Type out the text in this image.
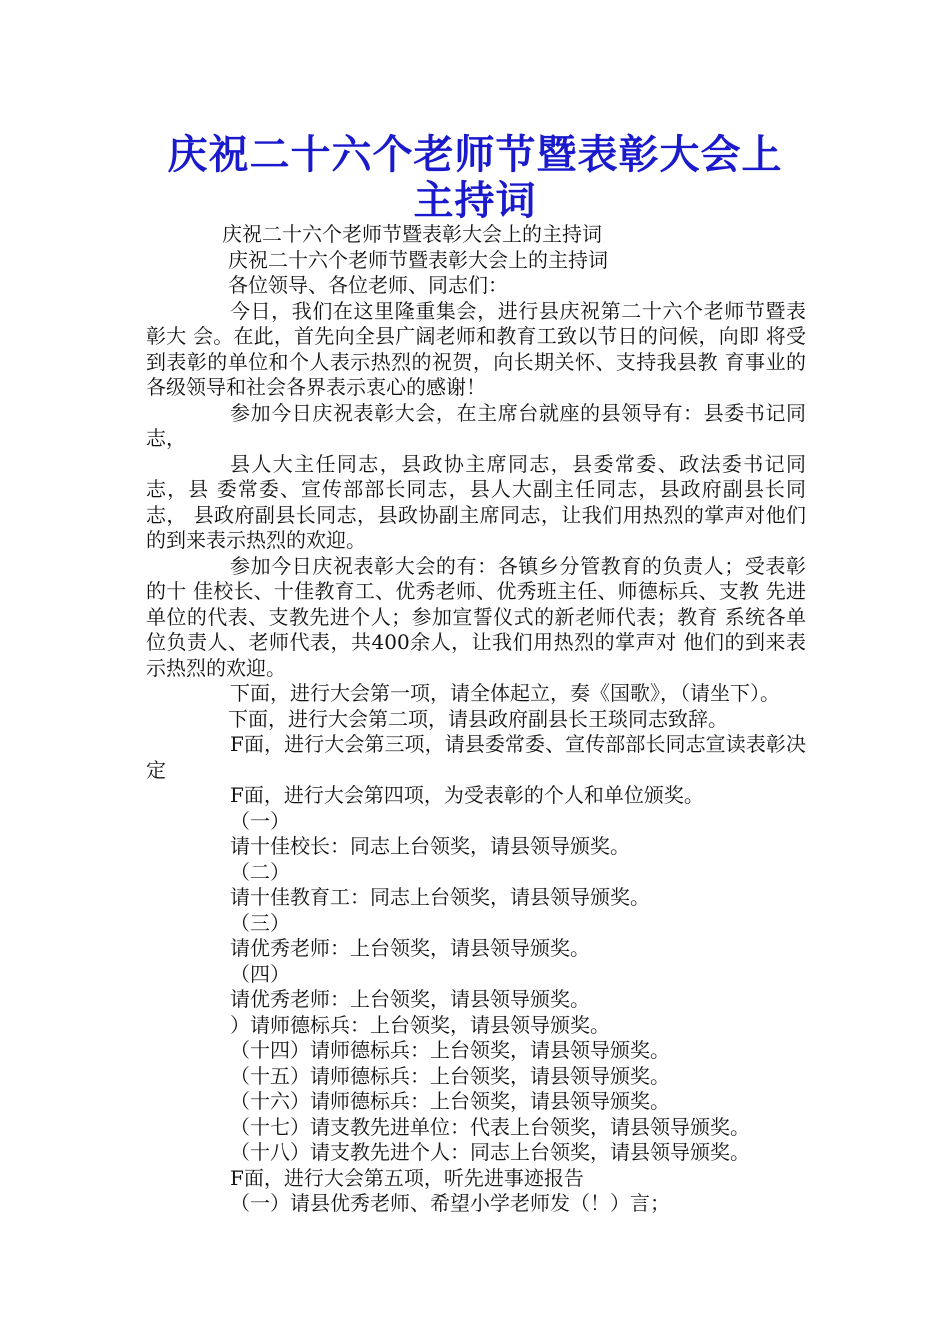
庆祝二十六个老师节暨表彰大会上
主持词

庆祝二十六个老师节暨表彰大会上的主持词

庆祝二十六个老师节暨表彰大会上的主持词

各位领导、各位老师、同志们：

今日，我们在这里隆重集会，进行县庆祝第二十六个老师节暨表彰大 会。在此，首先向全县广阔老师和教育工致以节日的问候，向即 将受到表彰的单位和个人表示热烈的祝贺，向长期关怀、支持我县教 育事业的各级领导和社会各界表示衷心的感谢！

参加今日庆祝表彰大会，在主席台就座的县领导有：县委书记同志，

县人大主任同志，县政协主席同志，县委常委、政法委书记同志，县 委常委、宣传部部长同志，县人大副主任同志，县政府副县长同志， 县政府副县长同志，县政协副主席同志，让我们用热烈的掌声对他们 的到来表示热烈的欢迎。

参加今日庆祝表彰大会的有：各镇乡分管教育的负责人；受表彰的十 佳校长、十佳教育工、优秀老师、优秀班主任、师德标兵、支教 先进单位的代表、支教先进个人；参加宣誓仪式的新老师代表；教育 系统各单位负责人、老师代表，共400余人，让我们用热烈的掌声对 他们的到来表示热烈的欢迎。

下面，进行大会第一项，请全体起立，奏《国歌》，（请坐下）。

下面，进行大会第二项，请县政府副县长王琰同志致辞。

F面，进行大会第三项，请县委常委、宣传部部长同志宣读表彰决定

F面，进行大会第四项，为受表彰的个人和单位颁奖。

（一）

请十佳校长：同志上台领奖，请县领导颁奖。

（二）

请十佳教育工：同志上台领奖，请县领导颁奖。

（三）

请优秀老师：上台领奖，请县领导颁奖。

（四）

请优秀老师：上台领奖，请县领导颁奖。

）请师德标兵：上台领奖，请县领导颁奖。

（十四）请师德标兵：上台领奖，请县领导颁奖。

（十五）请师德标兵：上台领奖，请县领导颁奖。

（十六）请师德标兵：上台领奖，请县领导颁奖。

（十七）请支教先进单位：代表上台领奖，请县领导颁奖。

（十八）请支教先进个人：同志上台领奖，请县领导颁奖。

F面，进行大会第五项，听先进事迹报告

（一）请县优秀老师、希望小学老师发（！）言；
